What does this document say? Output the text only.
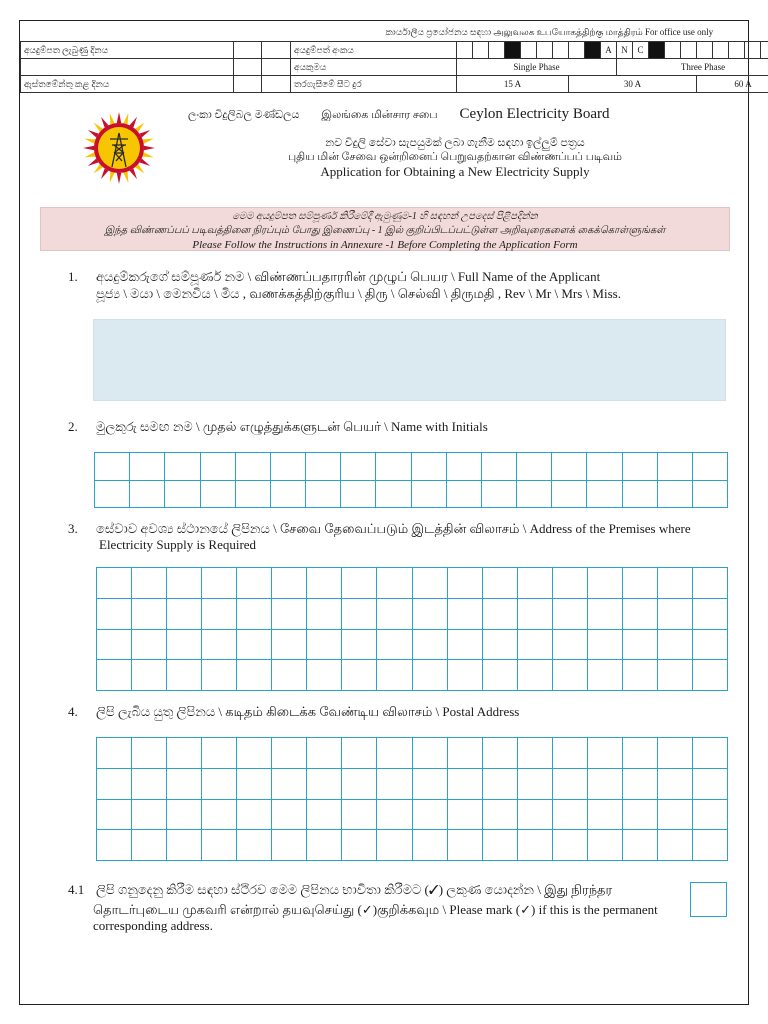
		කාර්යාලීය ප්‍රයෝජනය සඳහා அலுவலக உபயோகத்திற்கு மாத்திரம் For office use only																						
අයදුම්පත ලැබුණු දිනය			අයදුම්පත් අංකය										A	N	C									
			අයකුමය	Single Phase										Three Phase										
ඇස්තමේන්තු කළ දිනය			තරගැසීමේ සීට දුර	15 A							30 A								60 A					
ලංකා විදුලිබල මණ්ඩලය இலங்கை மின்சார சபை Ceylon Electricity Board
නව විදුලි සේවා සැපයුමක් ලබා ගැනීම සඳහා ඉල්ලුම් පත්‍රය
புதிய மின் சேவை ஒன்றினைப் பெறுவதற்கான விண்ணப்பப் படிவம்
Application for Obtaining a New Electricity Supply
මෙම අයදුම්පත සම්පූර්ණ කිරීමේදී ඇමුණුම-1 හි සඳහන් උපදෙස් පිළිපදින්න
இந்த விண்ணப்பப் படிவத்தினை நிரப்பும் போது இணைப்பு - 1 இல் குறிப்பிடப்பட்டுள்ள அறிவுரைகளைக் கைக்கொள்ளுங்கள்
Please Follow the Instructions in Annexure -1 Before Completing the Application Form
1. අයදුම්කරුගේ සම්පූර්ණ නම \ விண்ணப்பதாரரின் முழுப் பெயர \ Full Name of the Applicant
පූජ්‍ය \ මයා \ මෙනවිය \ මිය , வணக்கத்திற்குரிய \ திரு \ செல்வி \ திருமதி , Rev \ Mr \ Mrs \ Miss.
2. මුලකුරු සමඟ නම \ முதல் எழுத்துக்களுடன் பெயர் \ Name with Initials
3. සේවාව අවශ්‍ය ස්ථානයේ ලිපිනය \ சேவை தேவைப்படும் இடத்தின் விலாசம் \ Address of the Premises where
Electricity Supply is Required
4. ලිපි ලැබිය යුතු ලිපිනය \ கடிதம் கிடைக்க வேண்டிய விலாசம் \ Postal Address
4.1 ලිපි ගනුදෙනු කිරීම සඳහා ස්ථිරව මෙම ලිපිනය භාවිතා කිරීමට (✓) ලකුණ යොදන්න \ இது நிரந்தர
தொடர்புடைய முகவரி என்றால் தயவுசெய்து (✓)குறிக்கவும \ Please mark (✓) if this is the permanent
corresponding address.
